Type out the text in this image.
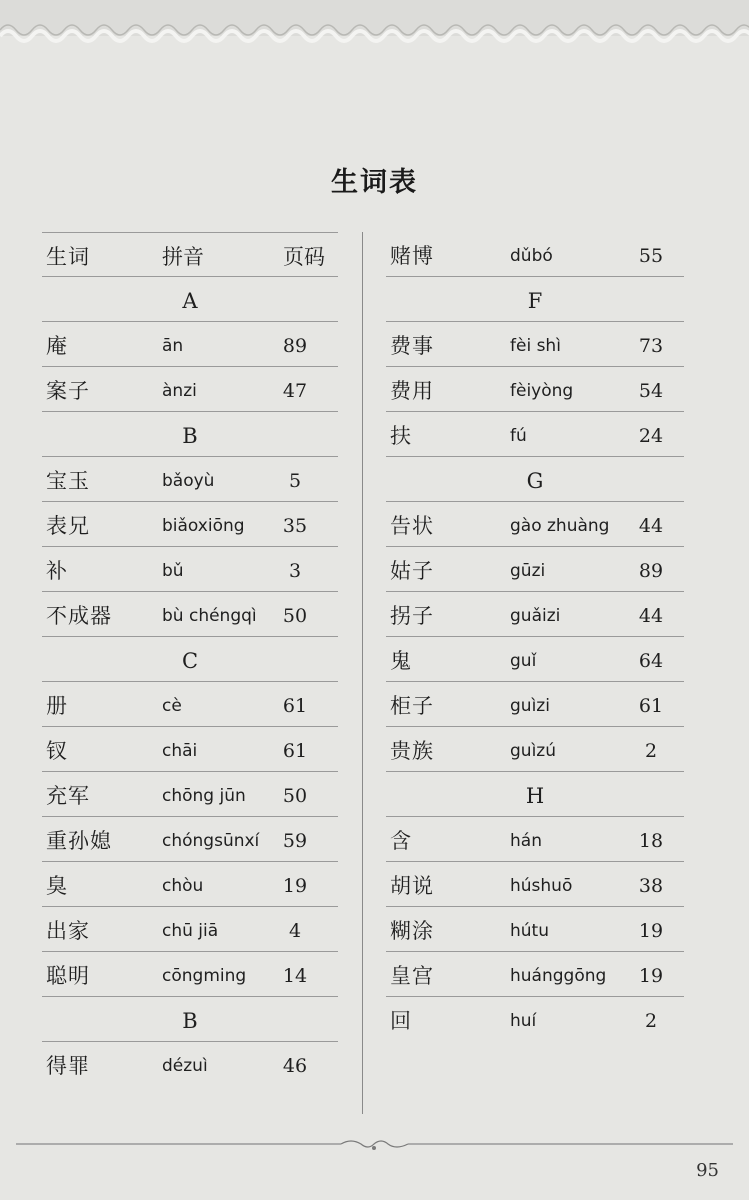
生词表
生词	拼音	页码
A
庵	ān	89
案子	ànzi	47
B
宝玉	bǎoyù	5
表兄	biǎoxiōng	35
补	bǔ	3
不成器	bù chéngqì	50
C
册	cè	61
钗	chāi	61
充军	chōng jūn	50
重孙媳	chóngsūnxí	59
臭	chòu	19
出家	chū jiā	4
聪明	cōngming	14
B
得罪	dézuì	46
赌博	dǔbó	55
F
费事	fèi shì	73
费用	fèiyòng	54
扶	fú	24
G
告状	gào zhuàng	44
姑子	gūzi	89
拐子	guǎizi	44
鬼	guǐ	64
柜子	guìzi	61
贵族	guìzú	2
H
含	hán	18
胡说	húshuō	38
糊涂	hútu	19
皇宫	huánggōng	19
回	huí	2
95
